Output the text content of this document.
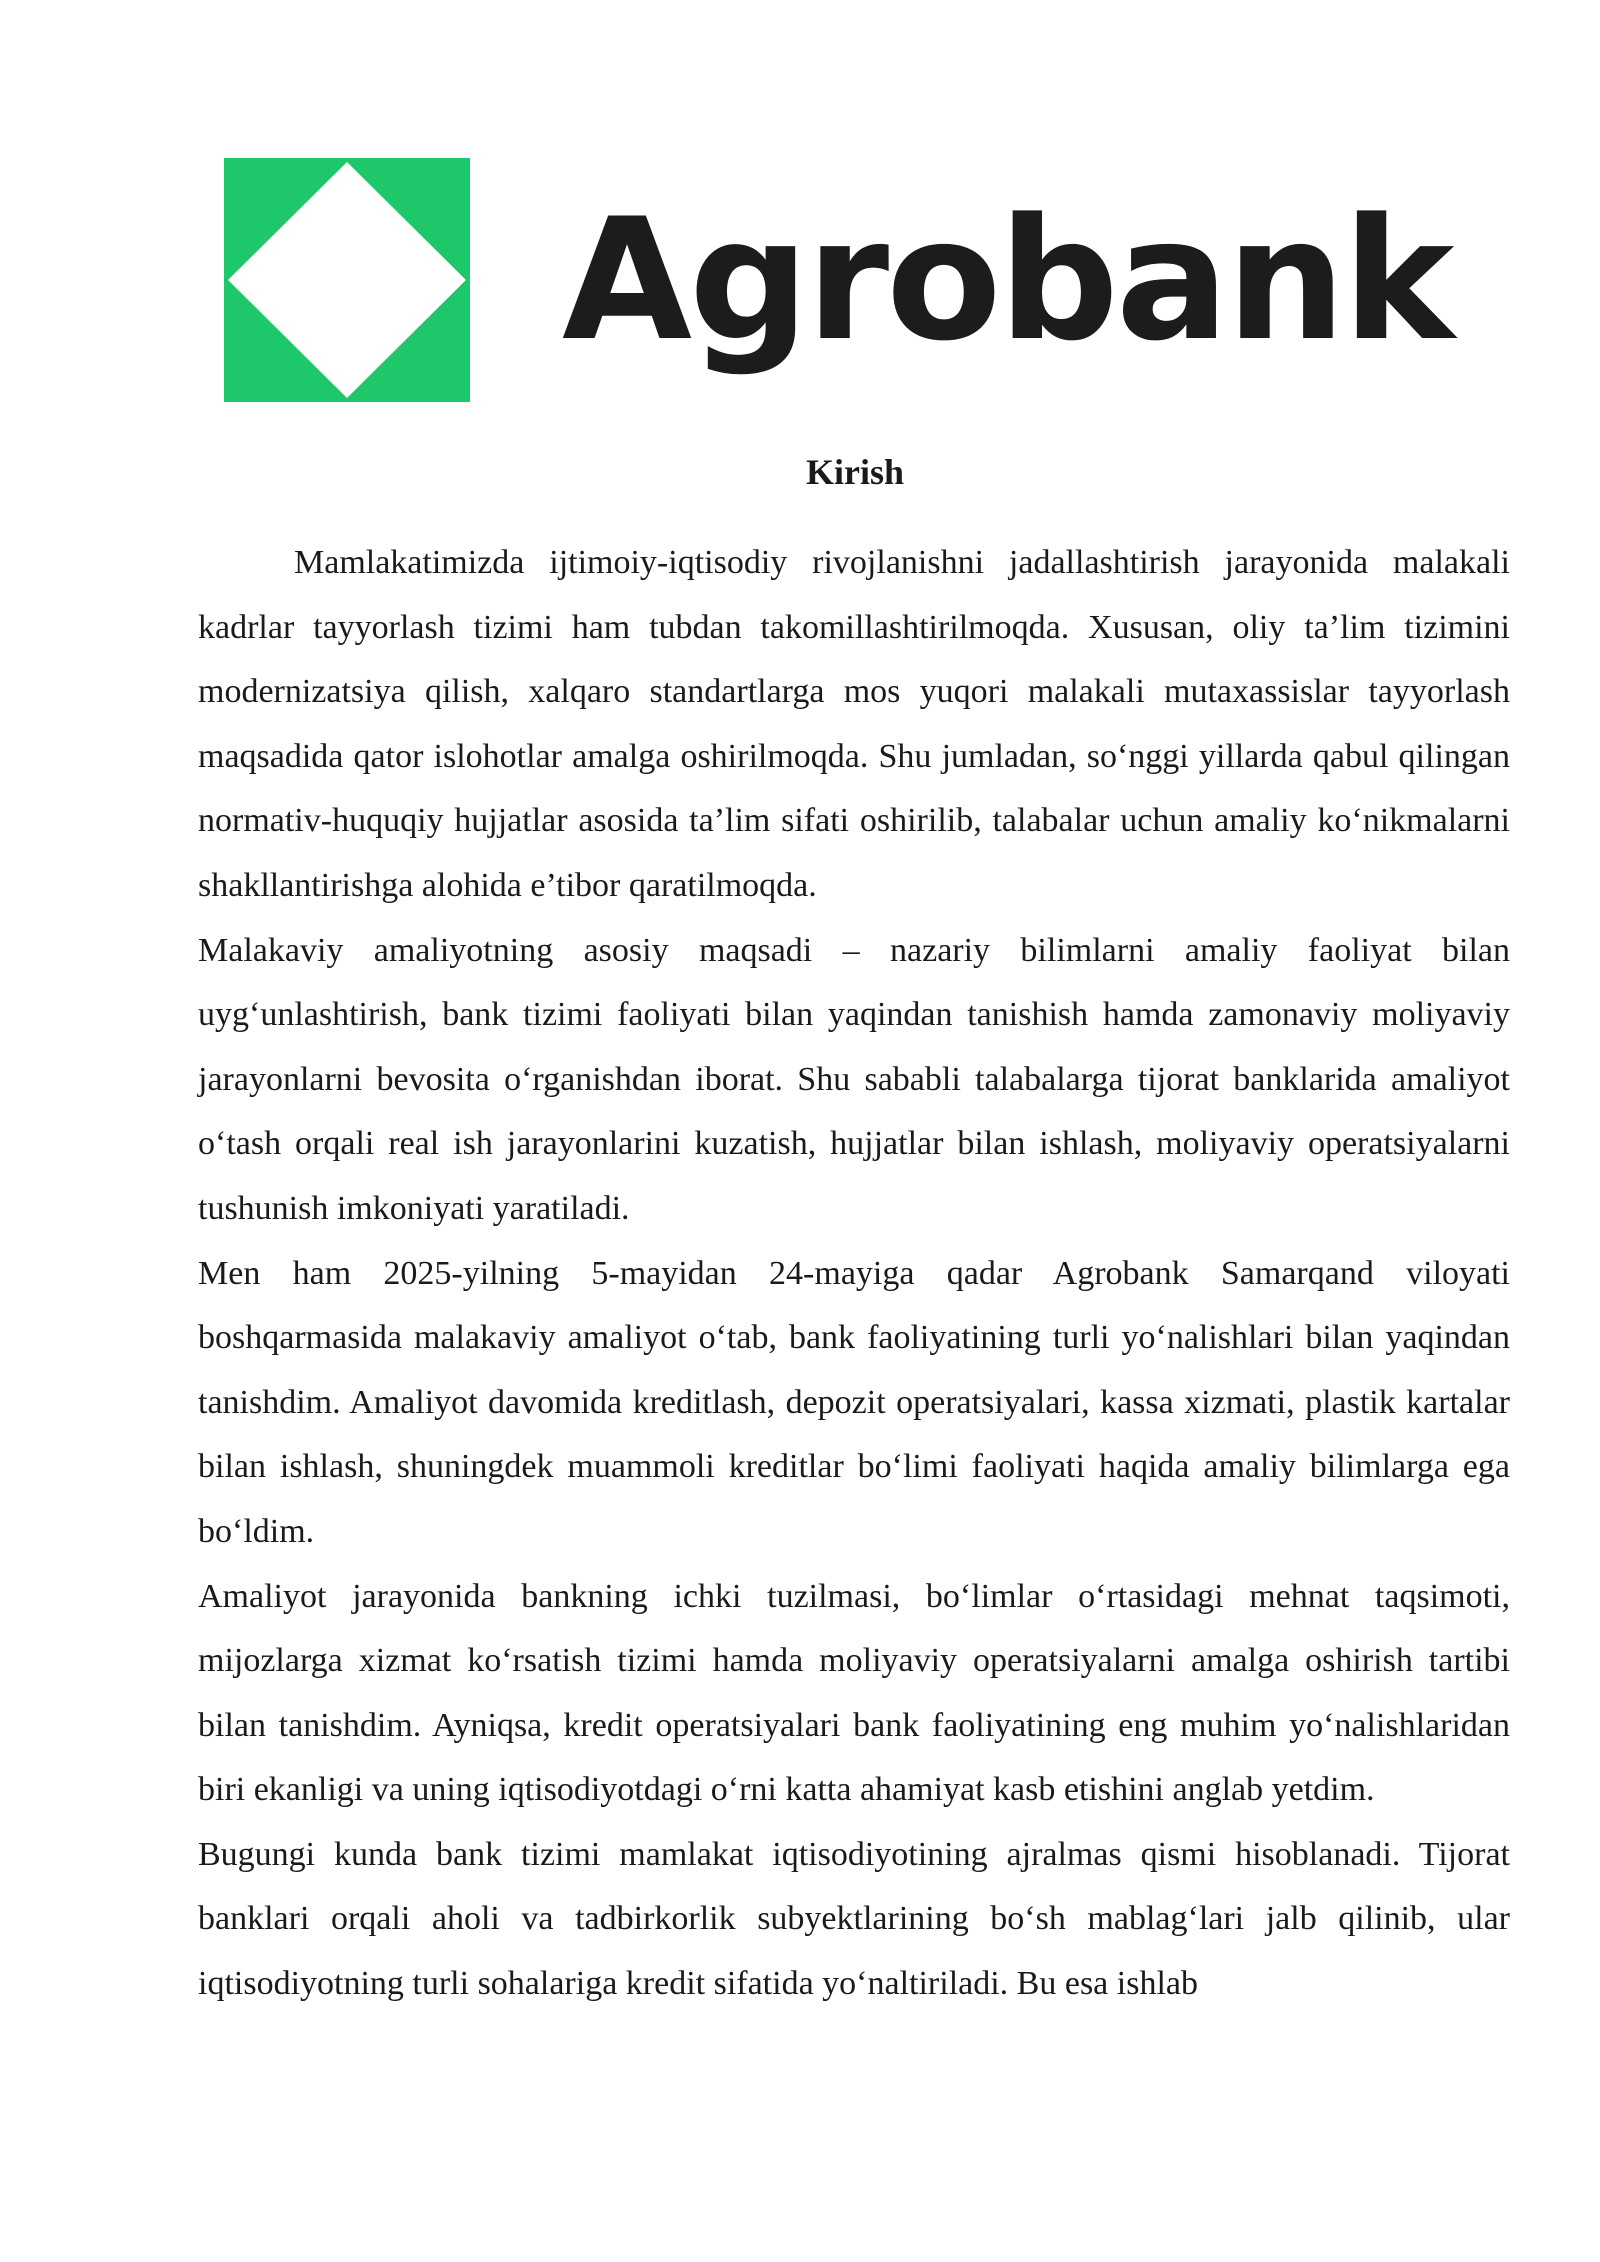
Agrobank
Kirish

Mamlakatimizda ijtimoiy-iqtisodiy rivojlanishni jadallashtirish jarayonida malakali kadrlar tayyorlash tizimi ham tubdan takomillashtirilmoqda. Xususan, oliy ta’lim tizimini modernizatsiya qilish, xalqaro standartlarga mos yuqori malakali mutaxassislar tayyorlash maqsadida qator islohotlar amalga oshirilmoqda. Shu jumladan, so‘nggi yillarda qabul qilingan normativ-huquqiy hujjatlar asosida ta’lim sifati oshirilib, talabalar uchun amaliy ko‘nikmalarni shakllantirishga alohida e’tibor qaratilmoqda.

Malakaviy amaliyotning asosiy maqsadi – nazariy bilimlarni amaliy faoliyat bilan uyg‘unlashtirish, bank tizimi faoliyati bilan yaqindan tanishish hamda zamonaviy moliyaviy jarayonlarni bevosita o‘rganishdan iborat. Shu sababli talabalarga tijorat banklarida amaliyot o‘tash orqali real ish jarayonlarini kuzatish, hujjatlar bilan ishlash, moliyaviy operatsiyalarni tushunish imkoniyati yaratiladi.

Men ham 2025-yilning 5-mayidan 24-mayiga qadar Agrobank Samarqand viloyati boshqarmasida malakaviy amaliyot o‘tab, bank faoliyatining turli yo‘nalishlari bilan yaqindan tanishdim. Amaliyot davomida kreditlash, depozit operatsiyalari, kassa xizmati, plastik kartalar bilan ishlash, shuningdek muammoli kreditlar bo‘limi faoliyati haqida amaliy bilimlarga ega bo‘ldim.

Amaliyot jarayonida bankning ichki tuzilmasi, bo‘limlar o‘rtasidagi mehnat taqsimoti, mijozlarga xizmat ko‘rsatish tizimi hamda moliyaviy operatsiyalarni amalga oshirish tartibi bilan tanishdim. Ayniqsa, kredit operatsiyalari bank faoliyatining eng muhim yo‘nalishlaridan biri ekanligi va uning iqtisodiyotdagi o‘rni katta ahamiyat kasb etishini anglab yetdim.

Bugungi kunda bank tizimi mamlakat iqtisodiyotining ajralmas qismi hisoblanadi. Tijorat banklari orqali aholi va tadbirkorlik subyektlarining bo‘sh mablag‘lari jalb qilinib, ular iqtisodiyotning turli sohalariga kredit sifatida yo‘naltiriladi. Bu esa ishlab
